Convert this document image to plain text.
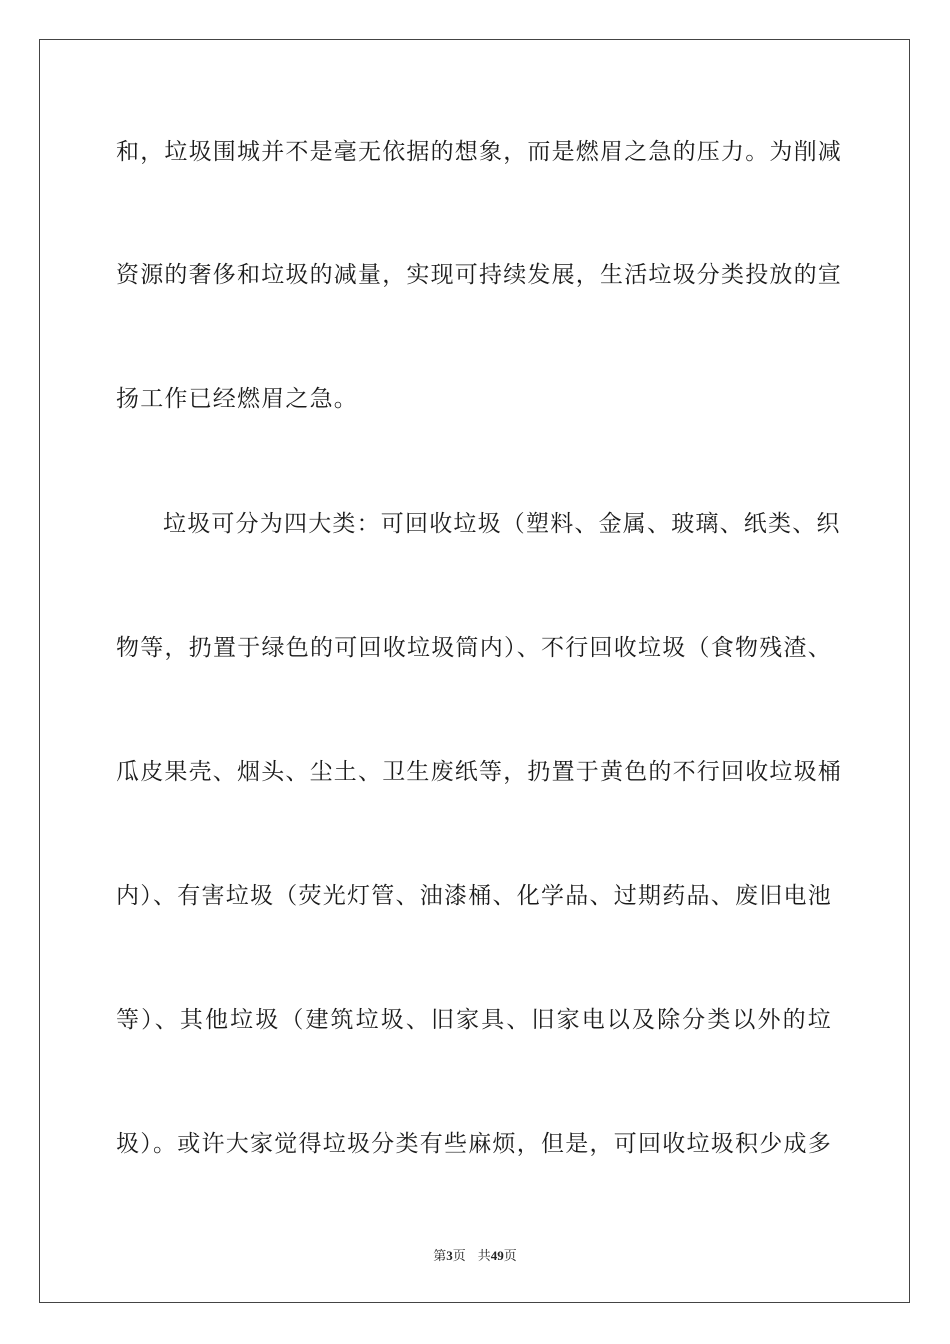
和，垃圾围城并不是毫无依据的想象，而是燃眉之急的压力。为削减
资源的奢侈和垃圾的减量，实现可持续发展，生活垃圾分类投放的宣
扬工作已经燃眉之急。
垃圾可分为四大类：可回收垃圾（塑料、金属、玻璃、纸类、织
物等，扔置于绿色的可回收垃圾筒内）、不行回收垃圾（食物残渣、
瓜皮果壳、烟头、尘土、卫生废纸等，扔置于黄色的不行回收垃圾桶
内）、有害垃圾（荧光灯管、油漆桶、化学品、过期药品、废旧电池
等）、其他垃圾（建筑垃圾、旧家具、旧家电以及除分类以外的垃
圾）。或许大家觉得垃圾分类有些麻烦，但是，可回收垃圾积少成多
第3页 共49页
